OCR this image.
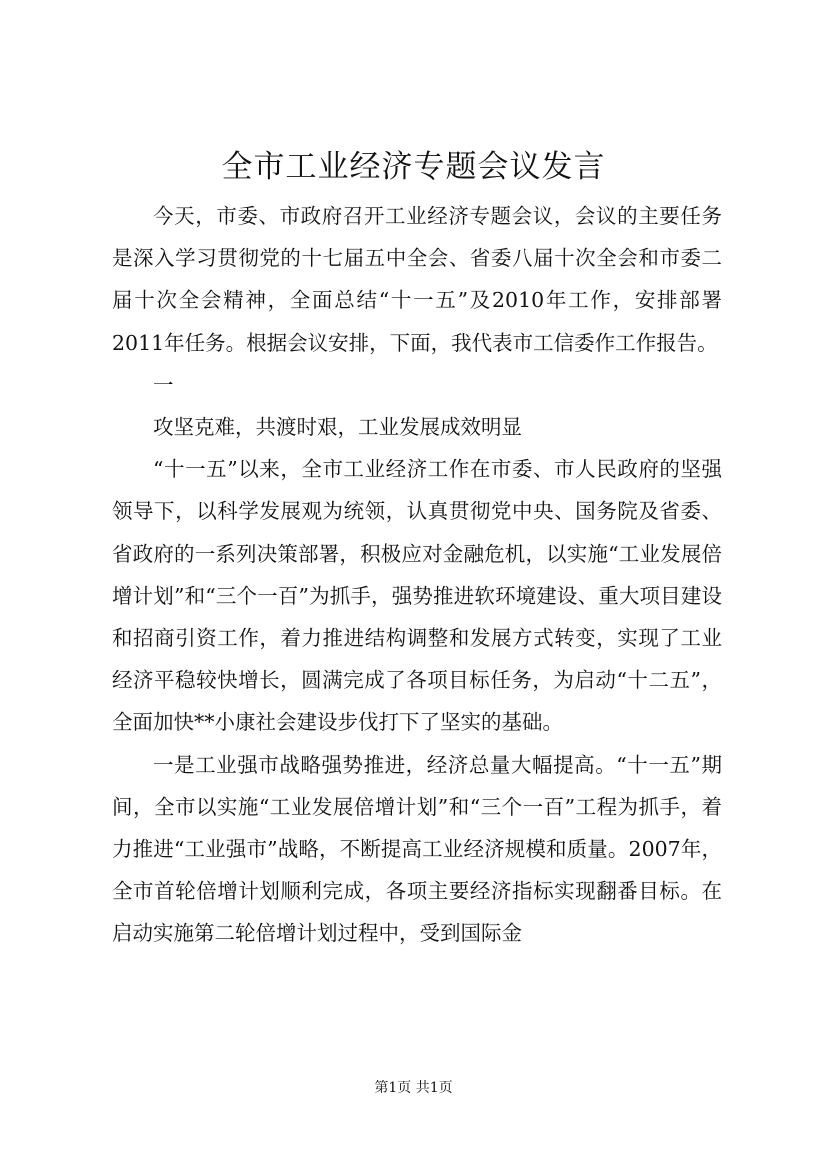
全市工业经济专题会议发言

今天，市委、市政府召开工业经济专题会议，会议的主要任务是深入学习贯彻党的十七届五中全会、省委八届十次全会和市委二届十次全会精神，全面总结“十一五”及2010年工作，安排部署2011年任务。根据会议安排，下面，我代表市工信委作工作报告。

一

攻坚克难，共渡时艰，工业发展成效明显

“十一五”以来，全市工业经济工作在市委、市人民政府的坚强领导下，以科学发展观为统领，认真贯彻党中央、国务院及省委、省政府的一系列决策部署，积极应对金融危机，以实施“工业发展倍增计划”和“三个一百”为抓手，强势推进软环境建设、重大项目建设和招商引资工作，着力推进结构调整和发展方式转变，实现了工业经济平稳较快增长，圆满完成了各项目标任务，为启动“十二五”，全面加快**小康社会建设步伐打下了坚实的基础。

一是工业强市战略强势推进，经济总量大幅提高。“十一五”期间，全市以实施“工业发展倍增计划”和“三个一百”工程为抓手，着力推进“工业强市”战略，不断提高工业经济规模和质量。2007年，全市首轮倍增计划顺利完成，各项主要经济指标实现翻番目标。在启动实施第二轮倍增计划过程中，受到国际金

第1页 共1页
